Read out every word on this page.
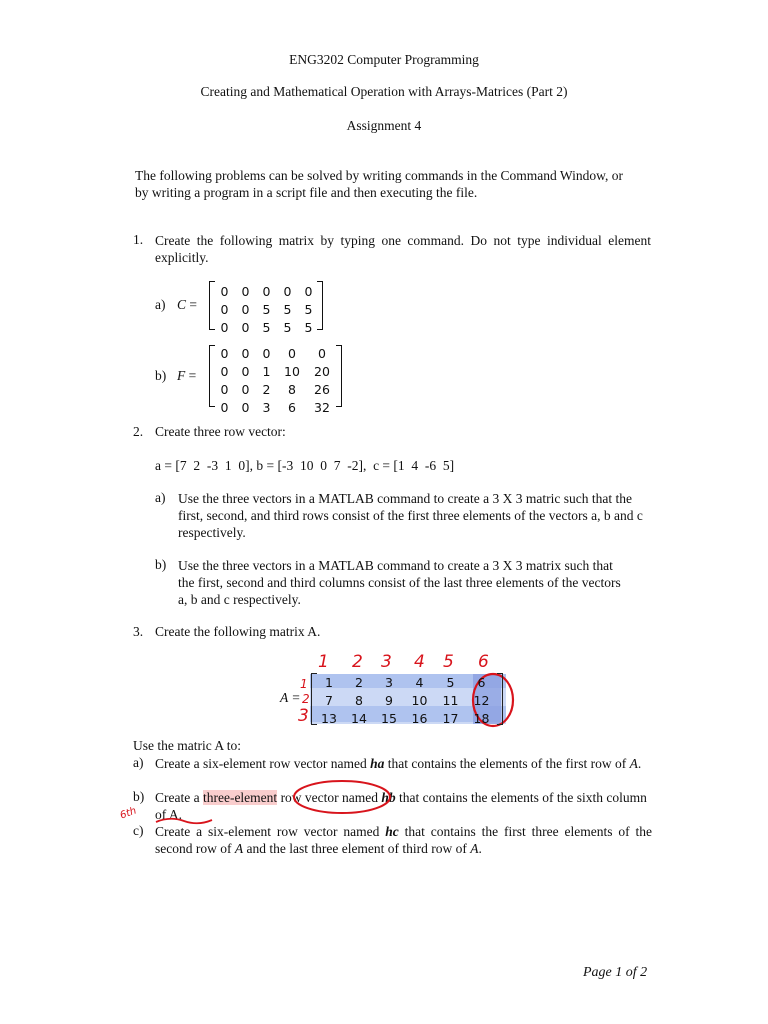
ENG3202 Computer Programming
Creating and Mathematical Operation with Arrays-Matrices (Part 2)
Assignment 4
The following problems can be solved by writing commands in the Command Window, or by writing a program in a script file and then executing the file.
1. Create the following matrix by typing one command. Do not type individual element explicitly.
a) C =
0	0	0	0	0
0	0	5	5	5
0	0	5	5	5
b) F =
0	0	0	0	0
0	0	1	10	20
0	0	2	8	26
0	0	3	6	32
2. Create three row vector:
a = [7  2  -3  1  0], b = [-3  10  0  7  -2],  c = [1  4  -6  5]
a) Use the three vectors in a MATLAB command to create a 3 X 3 matric such that the first, second, and third rows consist of the first three elements of the vectors a, b and c respectively.
b) Use the three vectors in a MATLAB command to create a 3 X 3 matrix such that the first, second and third columns consist of the last three elements of the vectors a, b and c respectively.
3. Create the following matrix A.
1 2 3 4 5 6
1
2
3
A =
1	2	3	4	5	6
7	8	9	10	11	12
13	14	15	16	17	18
Use the matric A to:
a) Create a six-element row vector named ha that contains the elements of the first row of A.
b) Create a three-element row vector named hb that contains the elements of the sixth column of A.
6th
c) Create a six-element row vector named hc that contains the first three elements of the second row of A and the last three element of third row of A.
Page 1 of 2
